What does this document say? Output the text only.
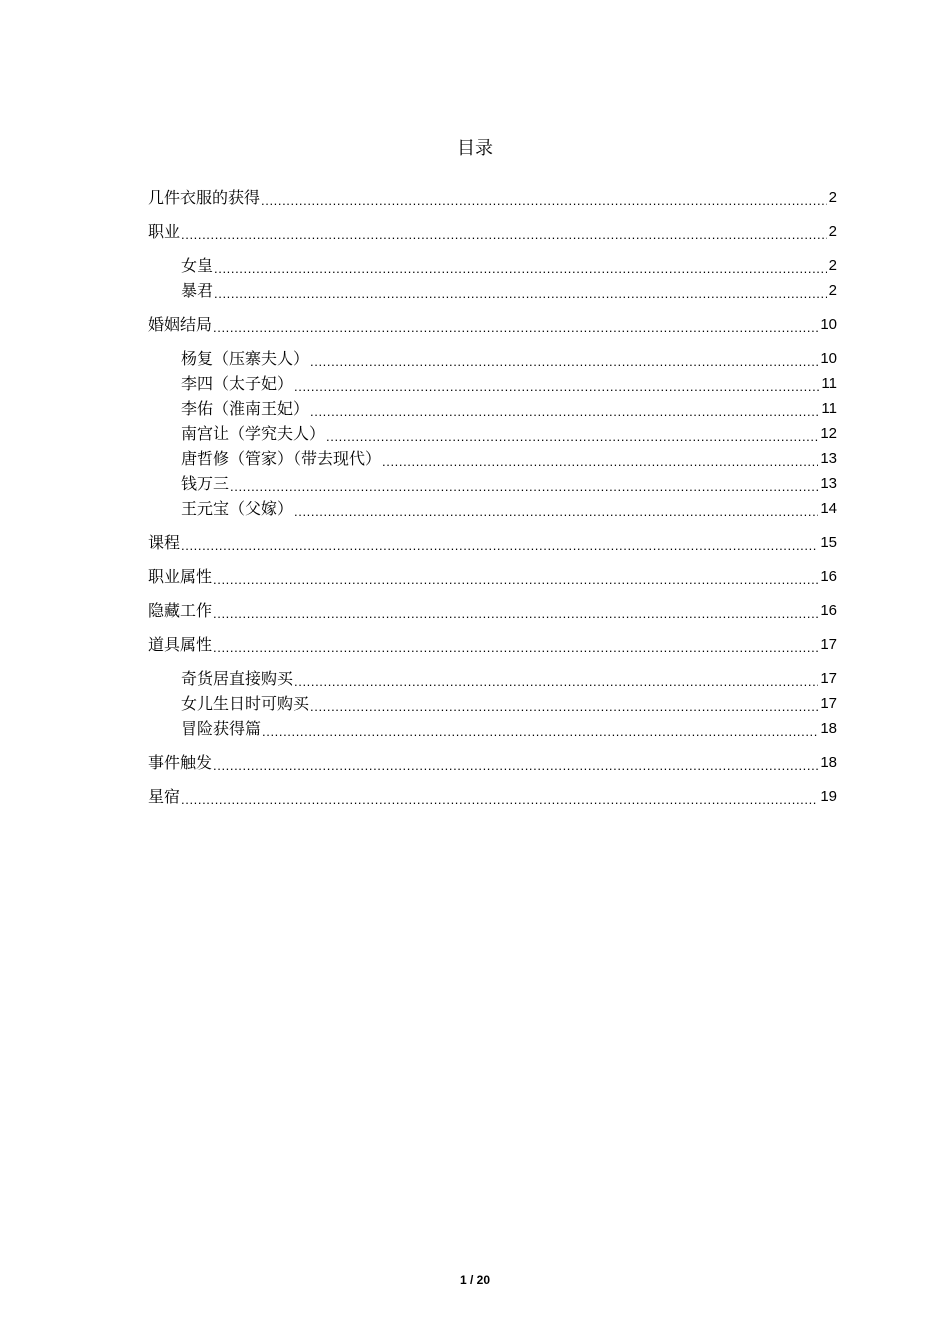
目录
几件衣服的获得 .....	2
职业 .....	2
女皇 .....	2
暴君 .....	2
婚姻结局 .....	10
杨复（压寨夫人） .....	10
李四（太子妃） .....	11
李佑（淮南王妃） .....	11
南宫让（学究夫人） .....	12
唐哲修（管家）（带去现代） .....	13
钱万三 .....	13
王元宝（父嫁） .....	14
课程 .....	15
职业属性 .....	16
隐藏工作 .....	16
道具属性 .....	17
奇货居直接购买 .....	17
女儿生日时可购买 .....	17
冒险获得篇 .....	18
事件触发 .....	18
星宿 .....	19
1 / 20
